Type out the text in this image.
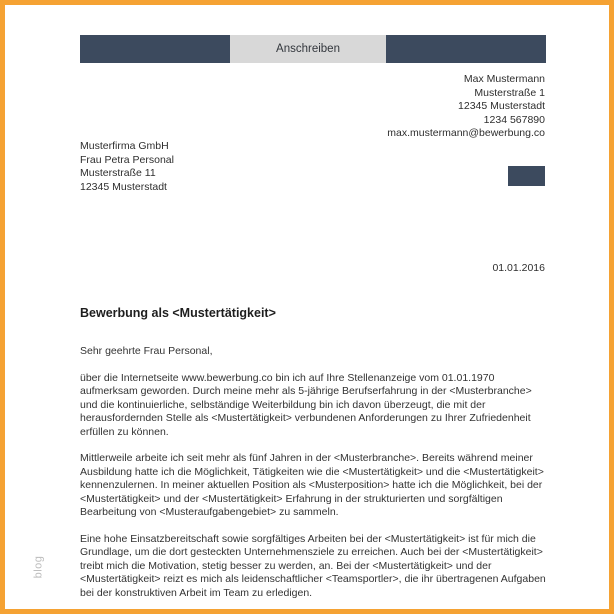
Anschreiben
Max Mustermann
Musterstraße 1
12345 Musterstadt
1234 567890
max.mustermann@bewerbung.co
Musterfirma GmbH
Frau Petra Personal
Musterstraße 11
12345 Musterstadt
01.01.2016
Bewerbung als <Mustertätigkeit>

Sehr geehrte Frau Personal,

über die Internetseite www.bewerbung.co bin ich auf Ihre Stellenanzeige vom 01.01.1970 aufmerksam geworden. Durch meine mehr als 5-jährige Berufserfahrung in der <Musterbranche> und die kontinuierliche, selbständige Weiterbildung bin ich davon überzeugt, die mit der herausfordernden Stelle als <Mustertätigkeit> verbundenen Anforderungen zu Ihrer Zufriedenheit erfüllen zu können.

Mittlerweile arbeite ich seit mehr als fünf Jahren in der <Musterbranche>. Bereits während meiner Ausbildung hatte ich die Möglichkeit, Tätigkeiten wie die <Mustertätigkeit> und die <Mustertätigkeit> kennenzulernen. In meiner aktuellen Position als <Musterposition> hatte ich die Möglichkeit, bei der <Mustertätigkeit> und der <Mustertätigkeit> Erfahrung in der strukturierten und sorgfältigen Bearbeitung von <Musteraufgabengebiet> zu sammeln.

Eine hohe Einsatzbereitschaft sowie sorgfältiges Arbeiten bei der <Mustertätigkeit> ist für mich die Grundlage, um die dort gesteckten Unternehmensziele zu erreichen. Auch bei der <Mustertätigkeit> treibt mich die Motivation, stetig besser zu werden, an. Bei der <Mustertätigkeit> und der <Mustertätigkeit> reizt es mich als leidenschaftlicher <Teamsportler>, die ihr übertragenen Aufgaben bei der konstruktiven Arbeit im Team zu erledigen.

blog
